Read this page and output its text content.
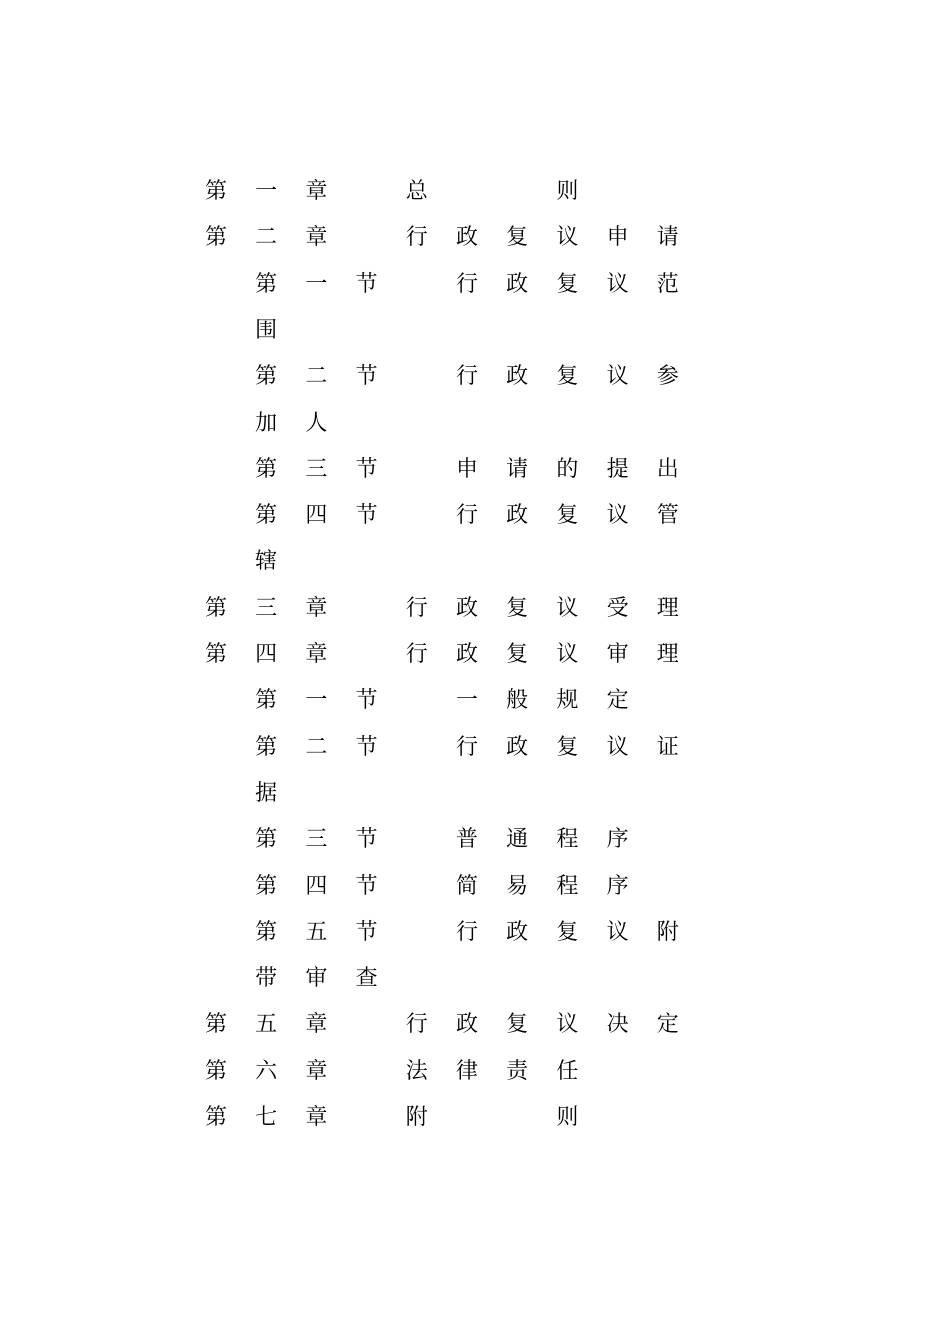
第 一 章	总	则
第 二 章	行 政 复 议 申 请
第 一 节	行 政 复 议 范
围
第 二 节	行 政 复 议 参
加 人
第 三 节	申 请 的 提 出
第 四 节	行 政 复 议 管
辖
第 三 章	行 政 复 议 受 理
第 四 章	行 政 复 议 审 理
第 一 节	一 般 规 定
第 二 节	行 政 复 议 证
据
第 三 节	普 通 程 序
第 四 节	简 易 程 序
第 五 节	行 政 复 议 附
带 审 查
第 五 章	行 政 复 议 决 定
第 六 章	法 律 责 任
第 七 章	附	则
